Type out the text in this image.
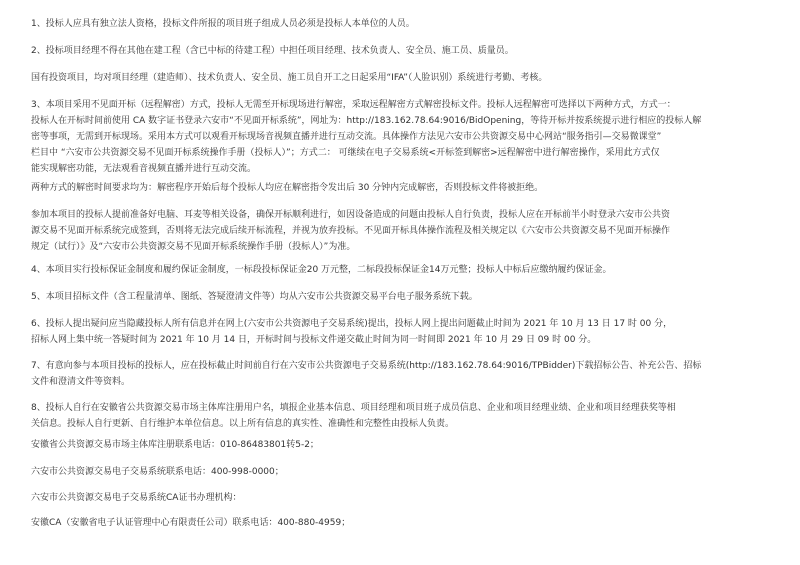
1、投标人应具有独立法人资格，投标文件所报的项目班子组成人员必须是投标人本单位的人员。

2、投标项目经理不得在其他在建工程（含已中标的待建工程）中担任项目经理、技术负责人、安全员、施工员、质量员。

国有投资项目，均对项目经理（建造师）、技术负责人、安全员、施工员自开工之日起采用“IFA”（人脸识别）系统进行考勤、考核。

3、本项目采用不见面开标（远程解密）方式，投标人无需至开标现场进行解密，采取远程解密方式解密投标文件。投标人远程解密可选择以下两种方式，方式一：
投标人在开标时间前使用 CA 数字证书登录六安市“不见面开标系统”，网址为：http://183.162.78.64:9016/BidOpening，等待开标并按系统提示进行相应的投标人解
密等事项，无需到开标现场。采用本方式可以观看开标现场音视频直播并进行互动交流。具体操作方法见六安市公共资源交易中心网站“服务指引—交易微课堂”
栏目中 “六安市公共资源交易不见面开标系统操作手册（投标人）”；方式二： 可继续在电子交易系统<开标签到解密>远程解密中进行解密操作，采用此方式仅
能实现解密功能，无法观看音视频直播并进行互动交流。

两种方式的解密时间要求均为：解密程序开始后每个投标人均应在解密指令发出后 30 分钟内完成解密，否则投标文件将被拒绝。

参加本项目的投标人提前准备好电脑、耳麦等相关设备，确保开标顺利进行，如因设备造成的问题由投标人自行负责，投标人应在开标前半小时登录六安市公共资
源交易不见面开标系统完成签到，否则将无法完成后续开标流程，并视为放弃投标。不见面开标具体操作流程及相关规定以《六安市公共资源交易不见面开标操作
规定（试行）》及“六安市公共资源交易不见面开标系统操作手册（投标人）”为准。

4、本项目实行投标保证金制度和履约保证金制度，一标段投标保证金20 万元整，二标段投标保证金14万元整；投标人中标后应缴纳履约保证金。

5、本项目招标文件（含工程量清单、图纸、答疑澄清文件等）均从六安市公共资源交易平台电子服务系统下载。

6、投标人提出疑问应当隐藏投标人所有信息并在网上(六安市公共资源电子交易系统)提出，投标人网上提出问题截止时间为 2021 年 10 月 13 日 17 时 00 分，
招标人网上集中统一答疑时间为 2021 年 10 月 14 日，开标时间与投标文件递交截止时间为同一时间即 2021 年 10 月 29 日 09 时 00 分。

7、有意向参与本项目投标的投标人，应在投标截止时间前自行在六安市公共资源电子交易系统(http://183.162.78.64:9016/TPBidder)下载招标公告、补充公告、招标
文件和澄清文件等资料。

8、投标人自行在安徽省公共资源交易市场主体库注册用户名，填报企业基本信息、项目经理和项目班子成员信息、企业和项目经理业绩、企业和项目经理获奖等相
关信息。投标人自行更新、自行维护本单位信息。以上所有信息的真实性、准确性和完整性由投标人负责。

安徽省公共资源交易市场主体库注册联系电话：010-86483801转5-2；

六安市公共资源交易电子交易系统联系电话：400-998-0000；

六安市公共资源交易电子交易系统CA证书办理机构：

安徽CA（安徽省电子认证管理中心有限责任公司）联系电话：400-880-4959；
